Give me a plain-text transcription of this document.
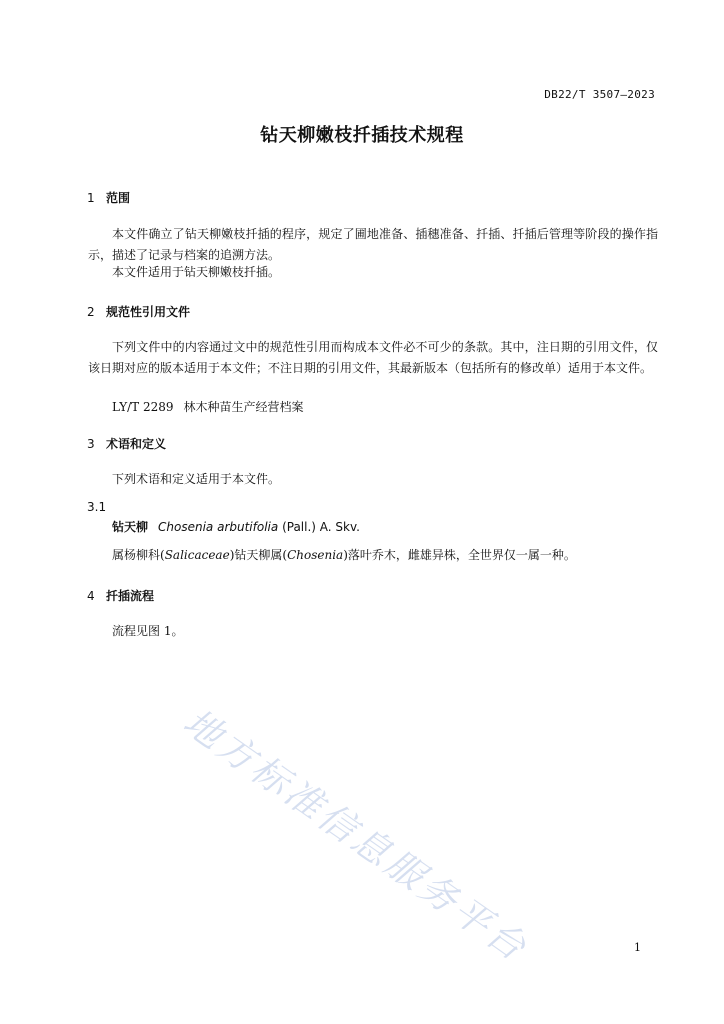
DB22/T 3507—2023
钻天柳嫩枝扦插技术规程
1 范围
本文件确立了钻天柳嫩枝扦插的程序，规定了圃地准备、插穗准备、扦插、扦插后管理等阶段的操作指示，描述了记录与档案的追溯方法。
本文件适用于钻天柳嫩枝扦插。
2 规范性引用文件
下列文件中的内容通过文中的规范性引用而构成本文件必不可少的条款。其中，注日期的引用文件，仅该日期对应的版本适用于本文件；不注日期的引用文件，其最新版本（包括所有的修改单）适用于本文件。
LY/T 2289 林木种苗生产经营档案
3 术语和定义
下列术语和定义适用于本文件。
3.1
钻天柳 Chosenia arbutifolia (Pall.) A. Skv.
属杨柳科(Salicaceae)钻天柳属(Chosenia)落叶乔木，雌雄异株，全世界仅一属一种。
4 扦插流程
流程见图 1。
地方标准信息服务平台	1
